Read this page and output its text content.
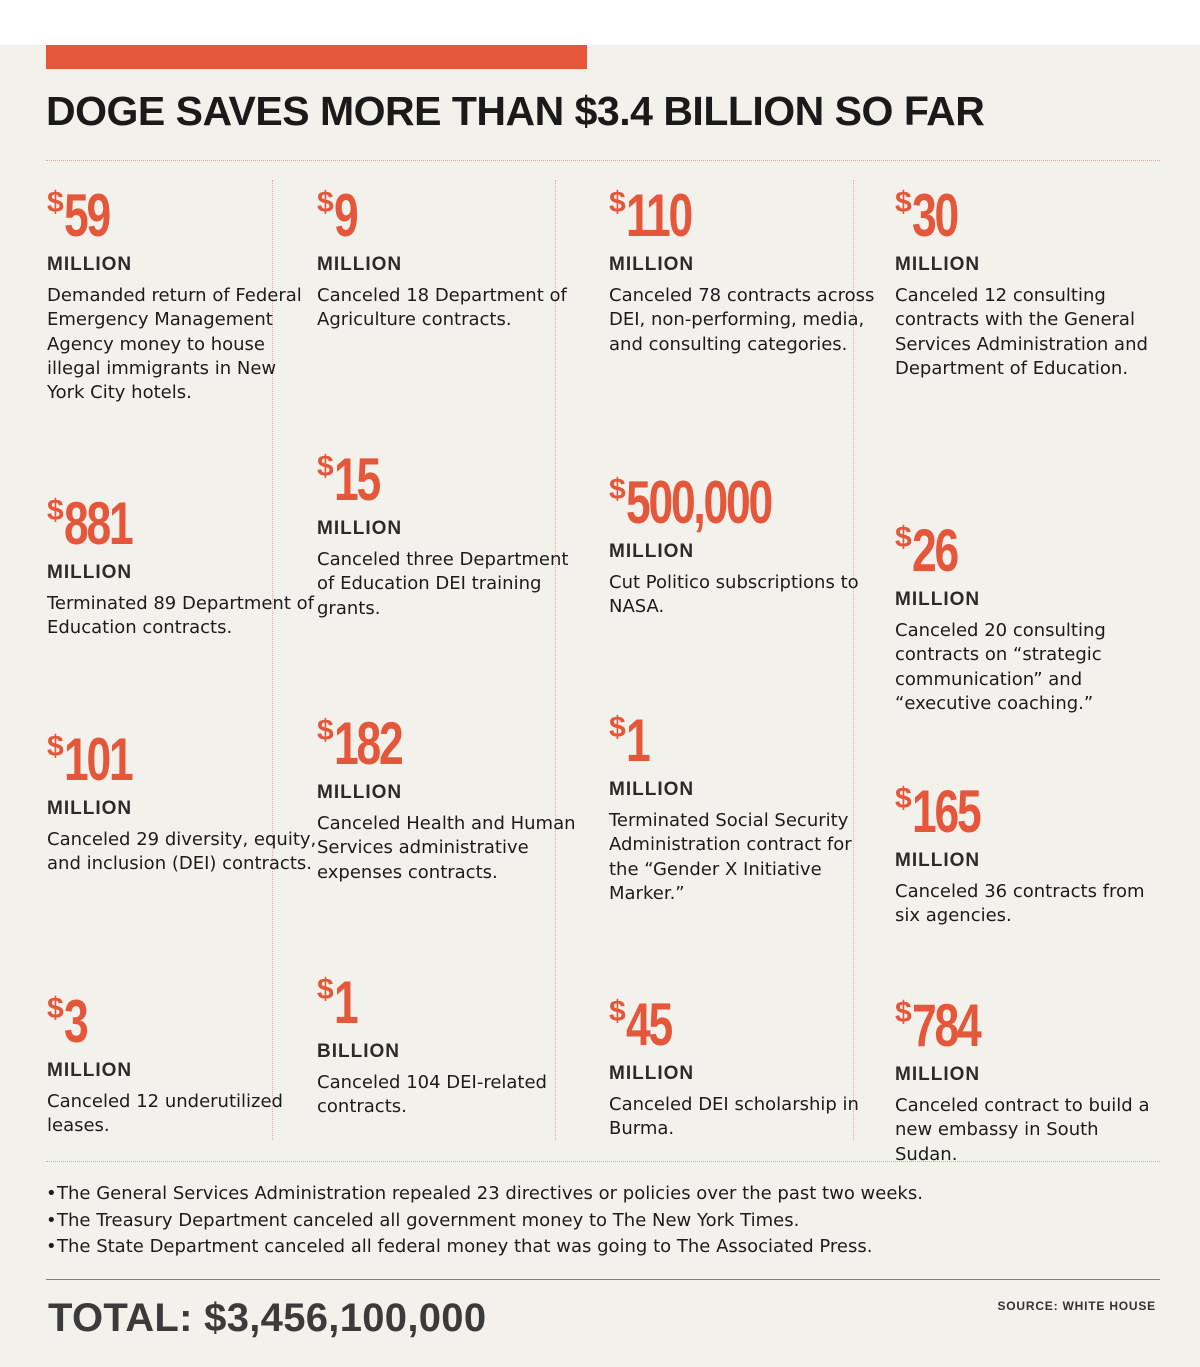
DOGE SAVES MORE THAN $3.4 BILLION SO FAR
$59
MILLION

Demanded return of Federal Emergency Management Agency money to house illegal immigrants in New York City hotels.

$881
MILLION

Terminated 89 Department of Education contracts.

$101
MILLION

Canceled 29 diversity, equity, and inclusion (DEI) contracts.

$3
MILLION

Canceled 12 underutilized leases.

$9
MILLION

Canceled 18 Department of Agriculture contracts.

$15
MILLION

Canceled three Department of Education DEI training grants.

$182
MILLION

Canceled Health and Human Services administrative expenses contracts.

$1
BILLION

Canceled 104 DEI-related contracts.

$110
MILLION

Canceled 78 contracts across DEI, non-performing, media, and consulting categories.

$500,000
MILLION

Cut Politico subscriptions to NASA.

$1
MILLION

Terminated Social Security Administration contract for the “Gender X Initiative Marker.”

$45
MILLION

Canceled DEI scholarship in Burma.

$30
MILLION

Canceled 12 consulting contracts with the General Services Administration and Department of Education.

$26
MILLION

Canceled 20 consulting contracts on “strategic communication” and “executive coaching.”

$165
MILLION

Canceled 36 contracts from six agencies.

$784
MILLION

Canceled contract to build a new embassy in South Sudan.

•The General Services Administration repealed 23 directives or policies over the past two weeks.
•The Treasury Department canceled all government money to The New York Times.
•The State Department canceled all federal money that was going to The Associated Press.

TOTAL: $3,456,100,000	SOURCE: WHITE HOUSE
